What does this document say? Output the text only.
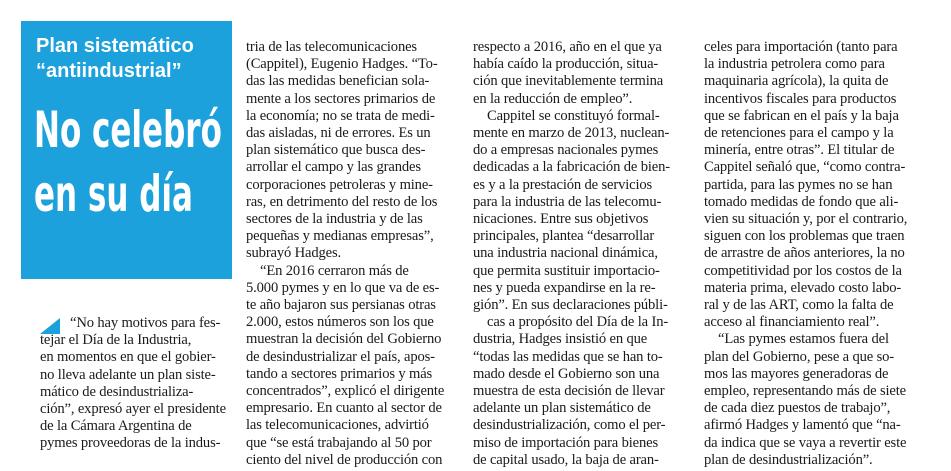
Plan sistemático
“antiindustrial”

No celebró
en su día
“No hay motivos para fes-
tejar el Día de la Industria,
en momentos en que el gobier-
no lleva adelante un plan siste-
mático de desindustrializa-
ción”, expresó ayer el presidente
de la Cámara Argentina de
pymes proveedoras de la indus-
tria de las telecomunicaciones
(Cappitel), Eugenio Hadges. “To-
das las medidas benefician sola-
mente a los sectores primarios de
la economía; no se trata de medi-
das aisladas, ni de errores. Es un
plan sistemático que busca des-
arrollar el campo y las grandes
corporaciones petroleras y mine-
ras, en detrimento del resto de los
sectores de la industria y de las
pequeñas y medianas empresas”,
subrayó Hadges.
“En 2016 cerraron más de
5.000 pymes y en lo que va de es-
te año bajaron sus persianas otras
2.000, estos números son los que
muestran la decisión del Gobierno
de desindustrializar el país, apos-
tando a sectores primarios y más
concentrados”, explicó el dirigente
empresario. En cuanto al sector de
las telecomunicaciones, advirtió
que “se está trabajando al 50 por
ciento del nivel de producción con
respecto a 2016, año en el que ya
había caído la producción, situa-
ción que inevitablemente termina
en la reducción de empleo”.
Cappitel se constituyó formal-
mente en marzo de 2013, nuclean-
do a empresas nacionales pymes
dedicadas a la fabricación de bien-
es y a la prestación de servicios
para la industria de las telecomu-
nicaciones. Entre sus objetivos
principales, plantea “desarrollar
una industria nacional dinámica,
que permita sustituir importacio-
nes y pueda expandirse en la re-
gión”. En sus declaraciones públi-
cas a propósito del Día de la In-
dustria, Hadges insistió en que
“todas las medidas que se han to-
mado desde el Gobierno son una
muestra de esta decisión de llevar
adelante un plan sistemático de
desindustrialización, como el per-
miso de importación para bienes
de capital usado, la baja de aran-
celes para importación (tanto para
la industria petrolera como para
maquinaria agrícola), la quita de
incentivos fiscales para productos
que se fabrican en el país y la baja
de retenciones para el campo y la
minería, entre otras”. El titular de
Cappitel señaló que, “como contra-
partida, para las pymes no se han
tomado medidas de fondo que ali-
vien su situación y, por el contrario,
siguen con los problemas que traen
de arrastre de años anteriores, la no
competitividad por los costos de la
materia prima, elevado costo labo-
ral y de las ART, como la falta de
acceso al financiamiento real”.
“Las pymes estamos fuera del
plan del Gobierno, pese a que so-
mos las mayores generadoras de
empleo, representando más de siete
de cada diez puestos de trabajo”,
afirmó Hadges y lamentó que “na-
da indica que se vaya a revertir este
plan de desindustrialización”.
